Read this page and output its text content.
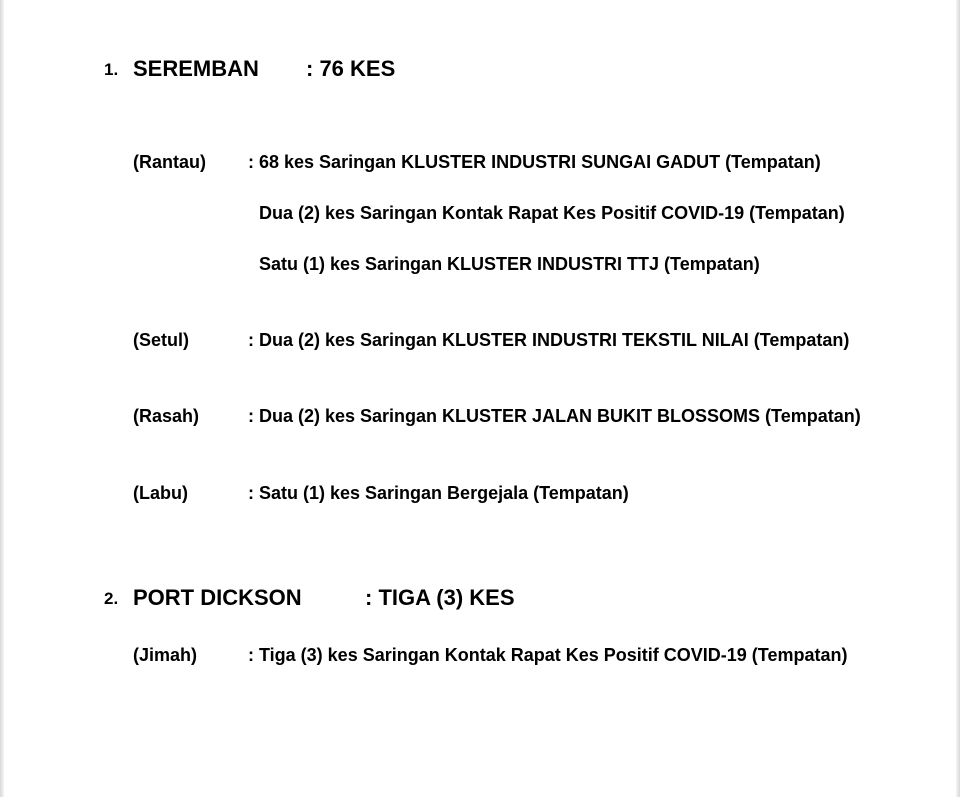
1. SEREMBAN : 76 KES
(Rantau) : 68 kes Saringan KLUSTER INDUSTRI SUNGAI GADUT (Tempatan)
Dua (2) kes Saringan Kontak Rapat Kes Positif COVID-19 (Tempatan)
Satu (1) kes Saringan KLUSTER INDUSTRI TTJ (Tempatan)
(Setul)	: Dua (2) kes Saringan KLUSTER INDUSTRI TEKSTIL NILAI (Tempatan)
(Rasah)	: Dua (2) kes Saringan KLUSTER JALAN BUKIT BLOSSOMS (Tempatan)
(Labu)	: Satu (1) kes Saringan Bergejala (Tempatan)
2. PORT DICKSON	: TIGA (3) KES
(Jimah)	: Tiga (3) kes Saringan Kontak Rapat Kes Positif COVID-19 (Tempatan)
